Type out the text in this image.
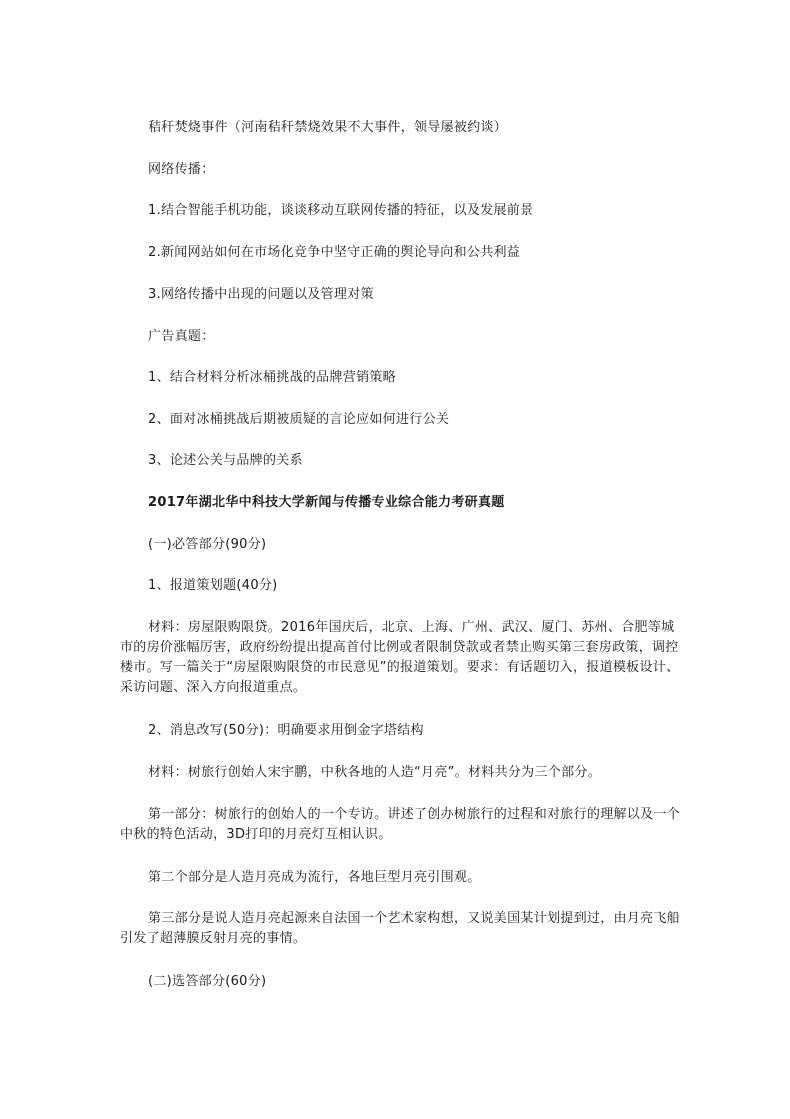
秸秆焚烧事件（河南秸秆禁烧效果不大事件，领导屡被约谈）

网络传播：

1.结合智能手机功能，谈谈移动互联网传播的特征，以及发展前景

2.新闻网站如何在市场化竞争中坚守正确的舆论导向和公共利益

3.网络传播中出现的问题以及管理对策

广告真题：

1、结合材料分析冰桶挑战的品牌营销策略

2、面对冰桶挑战后期被质疑的言论应如何进行公关

3、论述公关与品牌的关系

2017年湖北华中科技大学新闻与传播专业综合能力考研真题

(一)必答部分(90分)

1、报道策划题(40分)

材料：房屋限购限贷。2016年国庆后，北京、上海、广州、武汉、厦门、苏州、合肥等城市的房价涨幅厉害，政府纷纷提出提高首付比例或者限制贷款或者禁止购买第三套房政策，调控楼市。写一篇关于“房屋限购限贷的市民意见”的报道策划。要求：有话题切入，报道模板设计、采访问题、深入方向报道重点。

2、消息改写(50分)：明确要求用倒金字塔结构

材料：树旅行创始人宋宇鹏，中秋各地的人造“月亮”。材料共分为三个部分。

第一部分：树旅行的创始人的一个专访。讲述了创办树旅行的过程和对旅行的理解以及一个中秋的特色活动，3D打印的月亮灯互相认识。

第二个部分是人造月亮成为流行，各地巨型月亮引围观。

第三部分是说人造月亮起源来自法国一个艺术家构想，又说美国某计划提到过，由月亮飞船引发了超薄膜反射月亮的事情。

(二)选答部分(60分)
